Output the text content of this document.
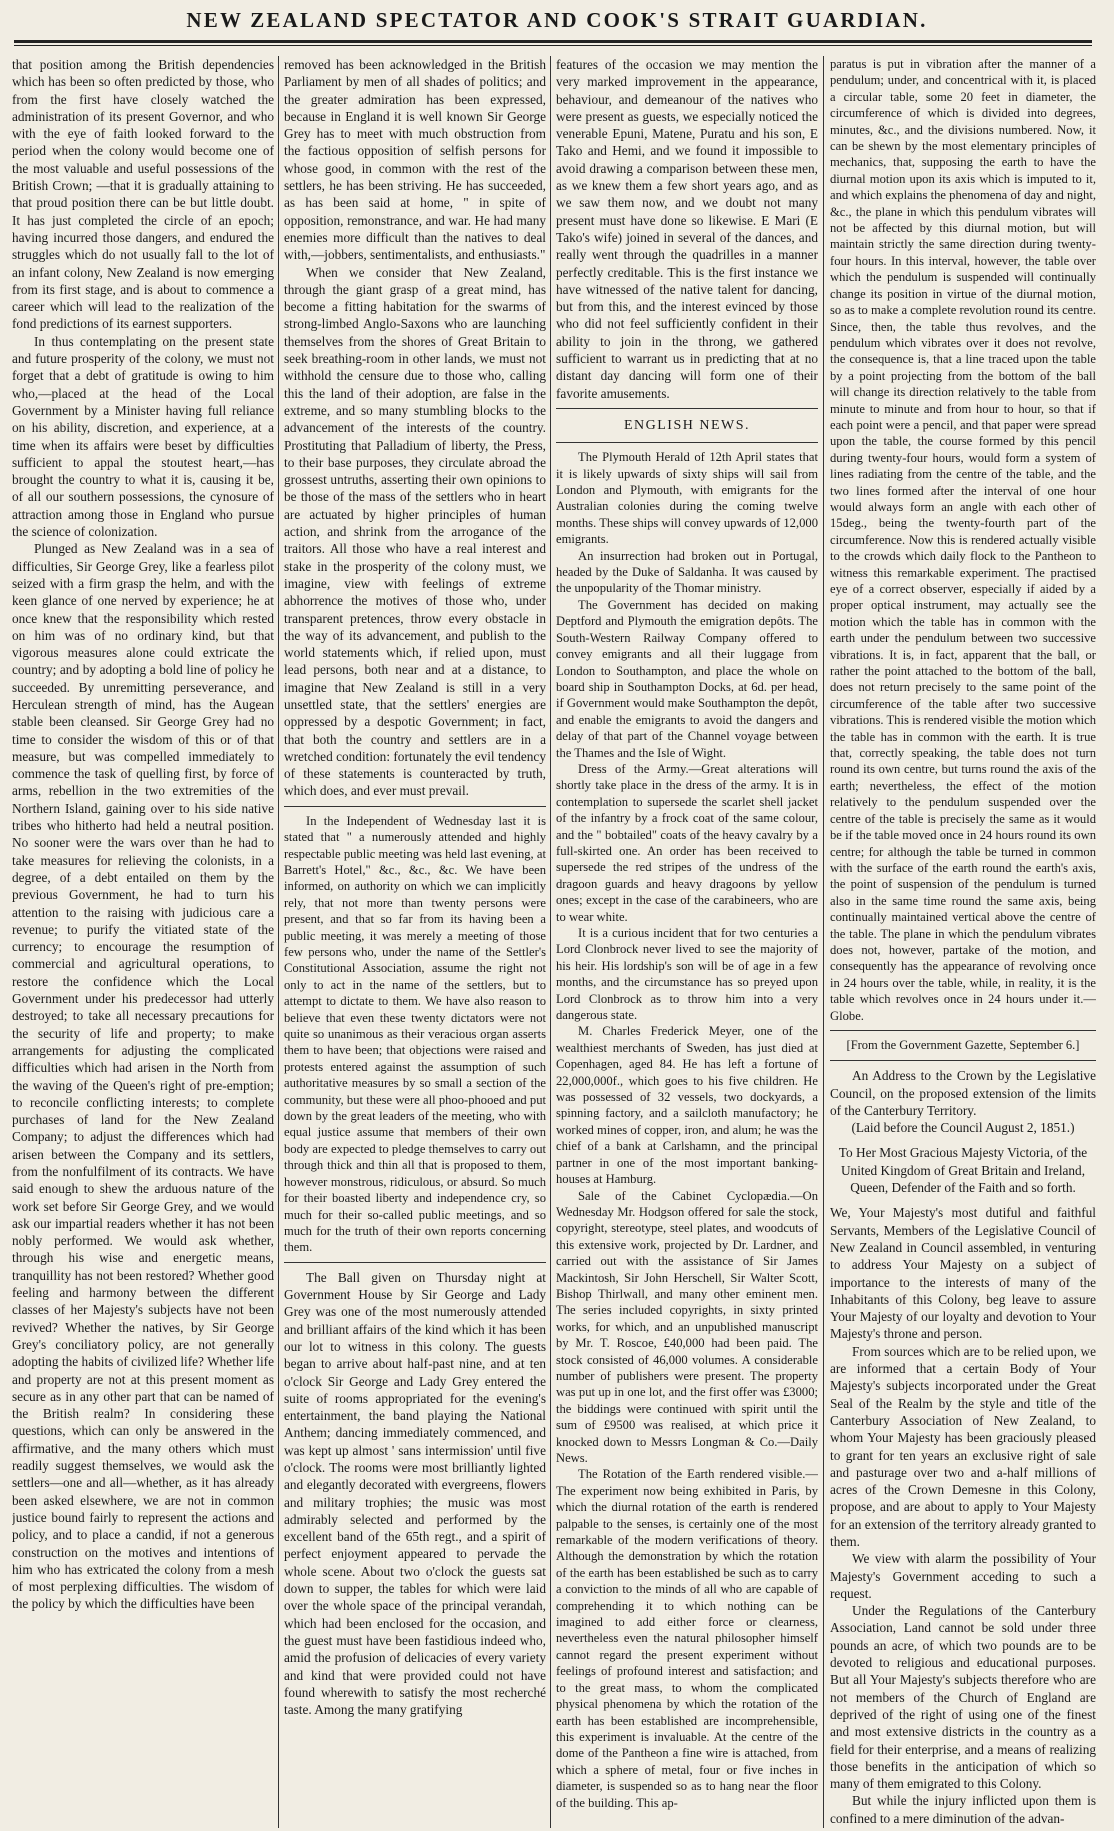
NEW ZEALAND SPECTATOR AND COOK'S STRAIT GUARDIAN.

that position among the British dependencies which has been so often predicted by those, who from the first have closely watched the administration of its present Governor, and who with the eye of faith looked forward to the period when the colony would become one of the most valuable and useful possessions of the British Crown; —that it is gradually attaining to that proud position there can be but little doubt. It has just completed the circle of an epoch; having incurred those dangers, and endured the struggles which do not usually fall to the lot of an infant colony, New Zealand is now emerging from its first stage, and is about to commence a career which will lead to the realization of the fond predictions of its earnest supporters.

In thus contemplating on the present state and future prosperity of the colony, we must not forget that a debt of gratitude is owing to him who,—placed at the head of the Local Government by a Minister having full reliance on his ability, discretion, and experience, at a time when its affairs were beset by difficulties sufficient to appal the stoutest heart,—has brought the country to what it is, causing it be, of all our southern possessions, the cynosure of attraction among those in England who pursue the science of colonization.

Plunged as New Zealand was in a sea of difficulties, Sir George Grey, like a fearless pilot seized with a firm grasp the helm, and with the keen glance of one nerved by experience; he at once knew that the responsibility which rested on him was of no ordinary kind, but that vigorous measures alone could extricate the country; and by adopting a bold line of policy he succeeded. By unremitting perseverance, and Herculean strength of mind, has the Augean stable been cleansed. Sir George Grey had no time to consider the wisdom of this or of that measure, but was compelled immediately to commence the task of quelling first, by force of arms, rebellion in the two extremities of the Northern Island, gaining over to his side native tribes who hitherto had held a neutral position. No sooner were the wars over than he had to take measures for relieving the colonists, in a degree, of a debt entailed on them by the previous Government, he had to turn his attention to the raising with judicious care a revenue; to purify the vitiated state of the currency; to encourage the resumption of commercial and agricultural operations, to restore the confidence which the Local Government under his predecessor had utterly destroyed; to take all necessary precautions for the security of life and property; to make arrangements for adjusting the complicated difficulties which had arisen in the North from the waving of the Queen's right of pre-emption; to reconcile conflicting interests; to complete purchases of land for the New Zealand Company; to adjust the differences which had arisen between the Company and its settlers, from the nonfulfilment of its contracts. We have said enough to shew the arduous nature of the work set before Sir George Grey, and we would ask our impartial readers whether it has not been nobly performed. We would ask whether, through his wise and energetic means, tranquillity has not been restored? Whether good feeling and harmony between the different classes of her Majesty's subjects have not been revived? Whether the natives, by Sir George Grey's conciliatory policy, are not generally adopting the habits of civilized life? Whether life and property are not at this present moment as secure as in any other part that can be named of the British realm? In considering these questions, which can only be answered in the affirmative, and the many others which must readily suggest themselves, we would ask the settlers—one and all—whether, as it has already been asked elsewhere, we are not in common justice bound fairly to represent the actions and policy, and to place a candid, if not a generous construction on the motives and intentions of him who has extricated the colony from a mesh of most perplexing difficulties. The wisdom of the policy by which the difficulties have been

removed has been acknowledged in the British Parliament by men of all shades of politics; and the greater admiration has been expressed, because in England it is well known Sir George Grey has to meet with much obstruction from the factious opposition of selfish persons for whose good, in common with the rest of the settlers, he has been striving. He has succeeded, as has been said at home, " in spite of opposition, remonstrance, and war. He had many enemies more difficult than the natives to deal with,—jobbers, sentimentalists, and enthusiasts."

When we consider that New Zealand, through the giant grasp of a great mind, has become a fitting habitation for the swarms of strong-limbed Anglo-Saxons who are launching themselves from the shores of Great Britain to seek breathing-room in other lands, we must not withhold the censure due to those who, calling this the land of their adoption, are false in the extreme, and so many stumbling blocks to the advancement of the interests of the country. Prostituting that Palladium of liberty, the Press, to their base purposes, they circulate abroad the grossest untruths, asserting their own opinions to be those of the mass of the settlers who in heart are actuated by higher principles of human action, and shrink from the arrogance of the traitors. All those who have a real interest and stake in the prosperity of the colony must, we imagine, view with feelings of extreme abhorrence the motives of those who, under transparent pretences, throw every obstacle in the way of its advancement, and publish to the world statements which, if relied upon, must lead persons, both near and at a distance, to imagine that New Zealand is still in a very unsettled state, that the settlers' energies are oppressed by a despotic Government; in fact, that both the country and settlers are in a wretched condition: fortunately the evil tendency of these statements is counteracted by truth, which does, and ever must prevail.

In the Independent of Wednesday last it is stated that " a numerously attended and highly respectable public meeting was held last evening, at Barrett's Hotel," &c., &c., &c. We have been informed, on authority on which we can implicitly rely, that not more than twenty persons were present, and that so far from its having been a public meeting, it was merely a meeting of those few persons who, under the name of the Settler's Constitutional Association, assume the right not only to act in the name of the settlers, but to attempt to dictate to them. We have also reason to believe that even these twenty dictators were not quite so unanimous as their veracious organ asserts them to have been; that objections were raised and protests entered against the assumption of such authoritative measures by so small a section of the community, but these were all phoo-phooed and put down by the great leaders of the meeting, who with equal justice assume that members of their own body are expected to pledge themselves to carry out through thick and thin all that is proposed to them, however monstrous, ridiculous, or absurd. So much for their boasted liberty and independence cry, so much for their so-called public meetings, and so much for the truth of their own reports concerning them.

The Ball given on Thursday night at Government House by Sir George and Lady Grey was one of the most numerously attended and brilliant affairs of the kind which it has been our lot to witness in this colony. The guests began to arrive about half-past nine, and at ten o'clock Sir George and Lady Grey entered the suite of rooms appropriated for the evening's entertainment, the band playing the National Anthem; dancing immediately commenced, and was kept up almost ' sans intermission' until five o'clock. The rooms were most brilliantly lighted and elegantly decorated with evergreens, flowers and military trophies; the music was most admirably selected and performed by the excellent band of the 65th regt., and a spirit of perfect enjoyment appeared to pervade the whole scene. About two o'clock the guests sat down to supper, the tables for which were laid over the whole space of the principal verandah, which had been enclosed for the occasion, and the guest must have been fastidious indeed who, amid the profusion of delicacies of every variety and kind that were provided could not have found wherewith to satisfy the most recherché taste. Among the many gratifying

features of the occasion we may mention the very marked improvement in the appearance, behaviour, and demeanour of the natives who were present as guests, we especially noticed the venerable Epuni, Matene, Puratu and his son, E Tako and Hemi, and we found it impossible to avoid drawing a comparison between these men, as we knew them a few short years ago, and as we saw them now, and we doubt not many present must have done so likewise. E Mari (E Tako's wife) joined in several of the dances, and really went through the quadrilles in a manner perfectly creditable. This is the first instance we have witnessed of the native talent for dancing, but from this, and the interest evinced by those who did not feel sufficiently confident in their ability to join in the throng, we gathered sufficient to warrant us in predicting that at no distant day dancing will form one of their favorite amusements.

ENGLISH NEWS.

The Plymouth Herald of 12th April states that it is likely upwards of sixty ships will sail from London and Plymouth, with emigrants for the Australian colonies during the coming twelve months. These ships will convey upwards of 12,000 emigrants.

An insurrection had broken out in Portugal, headed by the Duke of Saldanha. It was caused by the unpopularity of the Thomar ministry.

The Government has decided on making Deptford and Plymouth the emigration depôts. The South-Western Railway Company offered to convey emigrants and all their luggage from London to Southampton, and place the whole on board ship in Southampton Docks, at 6d. per head, if Government would make Southampton the depôt, and enable the emigrants to avoid the dangers and delay of that part of the Channel voyage between the Thames and the Isle of Wight.

Dress of the Army.—Great alterations will shortly take place in the dress of the army. It is in contemplation to supersede the scarlet shell jacket of the infantry by a frock coat of the same colour, and the " bobtailed" coats of the heavy cavalry by a full-skirted one. An order has been received to supersede the red stripes of the undress of the dragoon guards and heavy dragoons by yellow ones; except in the case of the carabineers, who are to wear white.

It is a curious incident that for two centuries a Lord Clonbrock never lived to see the majority of his heir. His lordship's son will be of age in a few months, and the circumstance has so preyed upon Lord Clonbrock as to throw him into a very dangerous state.

M. Charles Frederick Meyer, one of the wealthiest merchants of Sweden, has just died at Copenhagen, aged 84. He has left a fortune of 22,000,000f., which goes to his five children. He was possessed of 32 vessels, two dockyards, a spinning factory, and a sailcloth manufactory; he worked mines of copper, iron, and alum; he was the chief of a bank at Carlshamn, and the principal partner in one of the most important banking-houses at Hamburg.

Sale of the Cabinet Cyclopædia.—On Wednesday Mr. Hodgson offered for sale the stock, copyright, stereotype, steel plates, and woodcuts of this extensive work, projected by Dr. Lardner, and carried out with the assistance of Sir James Mackintosh, Sir John Herschell, Sir Walter Scott, Bishop Thirlwall, and many other eminent men. The series included copyrights, in sixty printed works, for which, and an unpublished manuscript by Mr. T. Roscoe, £40,000 had been paid. The stock consisted of 46,000 volumes. A considerable number of publishers were present. The property was put up in one lot, and the first offer was £3000; the biddings were continued with spirit until the sum of £9500 was realised, at which price it knocked down to Messrs Longman & Co.—Daily News.

The Rotation of the Earth rendered visible.—The experiment now being exhibited in Paris, by which the diurnal rotation of the earth is rendered palpable to the senses, is certainly one of the most remarkable of the modern verifications of theory. Although the demonstration by which the rotation of the earth has been established be such as to carry a conviction to the minds of all who are capable of comprehending it to which nothing can be imagined to add either force or clearness, nevertheless even the natural philosopher himself cannot regard the present experiment without feelings of profound interest and satisfaction; and to the great mass, to whom the complicated physical phenomena by which the rotation of the earth has been established are incomprehensible, this experiment is invaluable. At the centre of the dome of the Pantheon a fine wire is attached, from which a sphere of metal, four or five inches in diameter, is suspended so as to hang near the floor of the building. This ap-

paratus is put in vibration after the manner of a pendulum; under, and concentrical with it, is placed a circular table, some 20 feet in diameter, the circumference of which is divided into degrees, minutes, &c., and the divisions numbered. Now, it can be shewn by the most elementary principles of mechanics, that, supposing the earth to have the diurnal motion upon its axis which is imputed to it, and which explains the phenomena of day and night, &c., the plane in which this pendulum vibrates will not be affected by this diurnal motion, but will maintain strictly the same direction during twenty-four hours. In this interval, however, the table over which the pendulum is suspended will continually change its position in virtue of the diurnal motion, so as to make a complete revolution round its centre. Since, then, the table thus revolves, and the pendulum which vibrates over it does not revolve, the consequence is, that a line traced upon the table by a point projecting from the bottom of the ball will change its direction relatively to the table from minute to minute and from hour to hour, so that if each point were a pencil, and that paper were spread upon the table, the course formed by this pencil during twenty-four hours, would form a system of lines radiating from the centre of the table, and the two lines formed after the interval of one hour would always form an angle with each other of 15deg., being the twenty-fourth part of the circumference. Now this is rendered actually visible to the crowds which daily flock to the Pantheon to witness this remarkable experiment. The practised eye of a correct observer, especially if aided by a proper optical instrument, may actually see the motion which the table has in common with the earth under the pendulum between two successive vibrations. It is, in fact, apparent that the ball, or rather the point attached to the bottom of the ball, does not return precisely to the same point of the circumference of the table after two successive vibrations. This is rendered visible the motion which the table has in common with the earth. It is true that, correctly speaking, the table does not turn round its own centre, but turns round the axis of the earth; nevertheless, the effect of the motion relatively to the pendulum suspended over the centre of the table is precisely the same as it would be if the table moved once in 24 hours round its own centre; for although the table be turned in common with the surface of the earth round the earth's axis, the point of suspension of the pendulum is turned also in the same time round the same axis, being continually maintained vertical above the centre of the table. The plane in which the pendulum vibrates does not, however, partake of the motion, and consequently has the appearance of revolving once in 24 hours over the table, while, in reality, it is the table which revolves once in 24 hours under it.—Globe.

[From the Government Gazette, September 6.]

An Address to the Crown by the Legislative Council, on the proposed extension of the limits of the Canterbury Territory.

(Laid before the Council August 2, 1851.)
To Her Most Gracious Majesty Victoria, of the United Kingdom of Great Britain and Ireland, Queen, Defender of the Faith and so forth.

We, Your Majesty's most dutiful and faithful Servants, Members of the Legislative Council of New Zealand in Council assembled, in venturing to address Your Majesty on a subject of importance to the interests of many of the Inhabitants of this Colony, beg leave to assure Your Majesty of our loyalty and devotion to Your Majesty's throne and person.

From sources which are to be relied upon, we are informed that a certain Body of Your Majesty's subjects incorporated under the Great Seal of the Realm by the style and title of the Canterbury Association of New Zealand, to whom Your Majesty has been graciously pleased to grant for ten years an exclusive right of sale and pasturage over two and a-half millions of acres of the Crown Demesne in this Colony, propose, and are about to apply to Your Majesty for an extension of the territory already granted to them.

We view with alarm the possibility of Your Majesty's Government acceding to such a request.

Under the Regulations of the Canterbury Association, Land cannot be sold under three pounds an acre, of which two pounds are to be devoted to religious and educational purposes. But all Your Majesty's subjects therefore who are not members of the Church of England are deprived of the right of using one of the finest and most extensive districts in the country as a field for their enterprise, and a means of realizing those benefits in the anticipation of which so many of them emigrated to this Colony.

But while the injury inflicted upon them is confined to a mere diminution of the advan-
